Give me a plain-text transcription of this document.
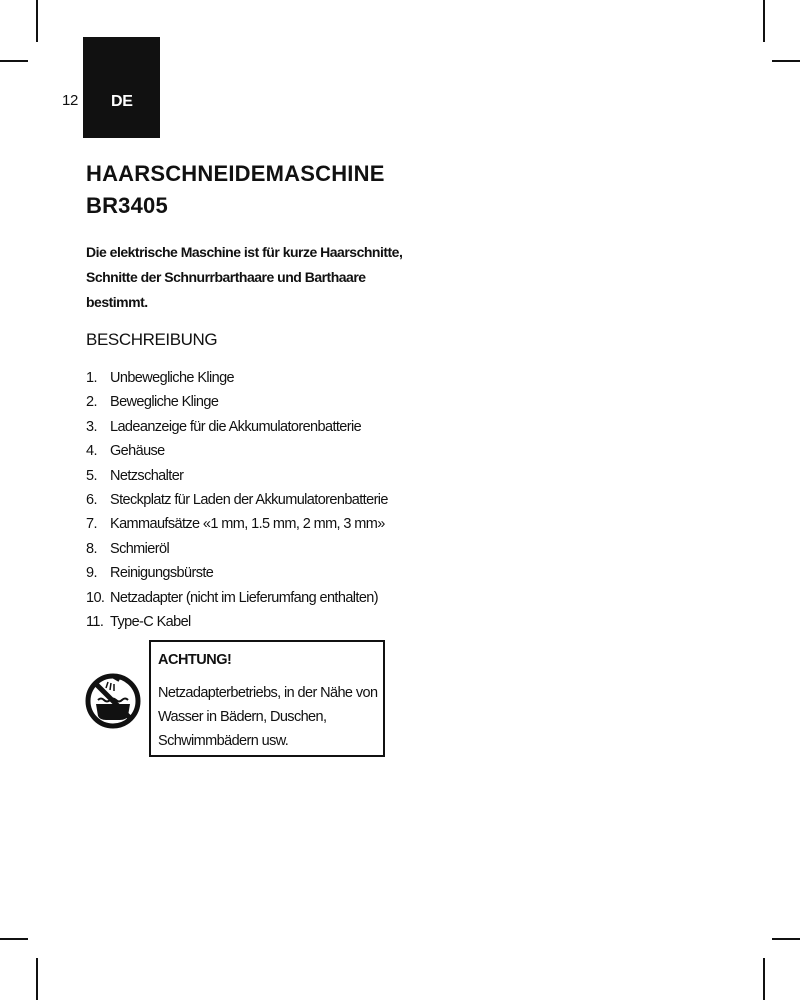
12 DE
HAARSCHNEIDEMASCHINE
BR3405

Die elektrische Maschine ist für kurze Haarschnitte, Schnitte der Schnurrbarthaare und Barthaare bestimmt.

BESCHREIBUNG
1. Unbewegliche Klinge
2. Bewegliche Klinge
3. Ladeanzeige für die Akkumulatorenbatterie
4. Gehäuse
5. Netzschalter
6. Steckplatz für Laden der Akkumulatorenbatterie
7. Kammaufsätze «1 mm, 1.5 mm, 2 mm, 3 mm»
8. Schmieröl
9. Reinigungsbürste
10. Netzadapter (nicht im Lieferumfang enthalten)
11. Type-C Kabel

ACHTUNG!

Netzadapterbetriebs, in der Nähe von Wasser in Bädern, Duschen, Schwimmbädern usw.
